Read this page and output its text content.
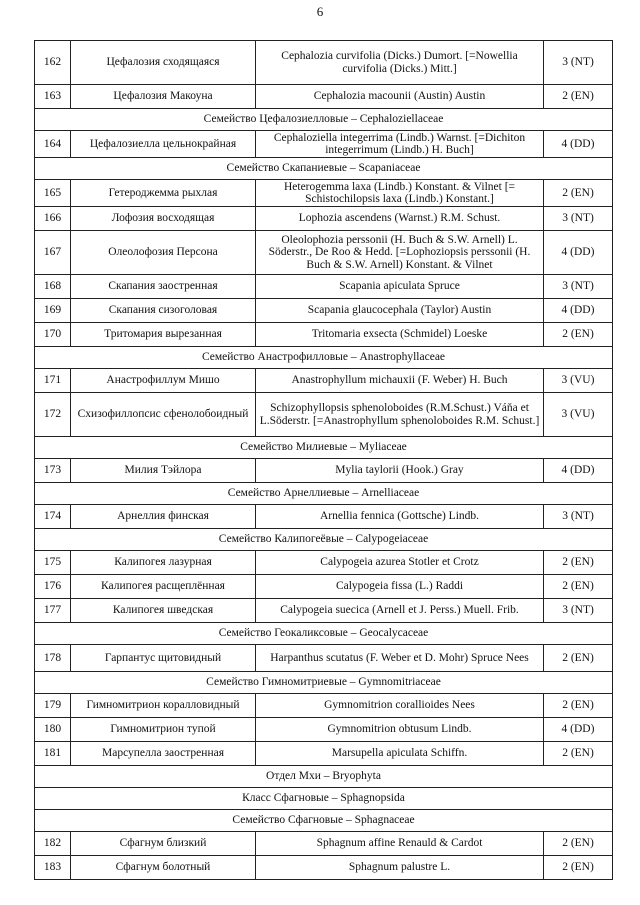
6
162	Цефалозия сходящаяся	Cephalozia curvifolia (Dicks.) Dumort. [=Nowellia curvifolia (Dicks.) Mitt.]	3 (NT)
163	Цефалозия Макоуна	Cephalozia macounii (Austin) Austin	2 (EN)
Семейство Цефалозиелловые – Cephaloziellaceae			
164	Цефалозиелла цельнокрайная	Cephaloziella integerrima (Lindb.) Warnst. [=Dichiton integerrimum (Lindb.) H. Buch]	4 (DD)
Семейство Скапаниевые – Scapaniaceae			
165	Гетероджемма рыхлая	Heterogemma laxa (Lindb.) Konstant. & Vilnet [= Schistochilopsis laxa (Lindb.) Konstant.]	2 (EN)
166	Лофозия восходящая	Lophozia ascendens (Warnst.) R.M. Schust.	3 (NT)
167	Олеолофозия Персона	Oleolophozia perssonii (H. Buch & S.W. Arnell) L. Söderstr., De Roo & Hedd. [=Lophoziopsis perssonii (H. Buch & S.W. Arnell) Konstant. & Vilnet	4 (DD)
168	Скапания заостренная	Scapania apiculata Spruce	3 (NT)
169	Скапания сизоголовая	Scapania glaucocephala (Taylor) Austin	4 (DD)
170	Тритомария вырезанная	Tritomaria exsecta (Schmidel) Loeske	2 (EN)
Семейство Анастрофилловые – Anastrophyllaceae			
171	Анастрофиллум Мишо	Anastrophyllum michauxii (F. Weber) H. Buch	3 (VU)
172	Схизофиллопсис сфенолобоидный	Schizophyllopsis sphenoloboides (R.M.Schust.) Váňa et L.Söderstr. [=Anastrophyllum sphenoloboides R.M. Schust.]	3 (VU)
Семейство Милиевые – Myliaceae			
173	Милия Тэйлора	Mylia taylorii (Hook.) Gray	4 (DD)
Семейство Арнеллиевые – Arnelliaceae			
174	Арнеллия финская	Arnellia fennica (Gottsche) Lindb.	3 (NT)
Семейство Калипогеёвые – Calypogeiaceae			
175	Калипогея лазурная	Calypogeia azurea Stotler et Crotz	2 (EN)
176	Калипогея расщеплённая	Calypogeia fissa (L.) Raddi	2 (EN)
177	Калипогея шведская	Calypogeia suecica (Arnell et J. Perss.) Muell. Frib.	3 (NT)
Семейство Геокаликсовые – Geocalycaceae			
178	Гарпантус щитовидный	Harpanthus scutatus (F. Weber et D. Mohr) Spruce Nees	2 (EN)
Семейство Гимномитриевые – Gymnomitriaceae			
179	Гимномитрион коралловидный	Gymnomitrion corallioides Nees	2 (EN)
180	Гимномитрион тупой	Gymnomitrion obtusum Lindb.	4 (DD)
181	Марсупелла заостренная	Marsupella apiculata Schiffn.	2 (EN)
Отдел Мхи – Bryophyta			
Класс Сфагновые – Sphagnopsida			
Семейство Сфагновые – Sphagnaceae			
182	Сфагнум близкий	Sphagnum affine Renauld & Cardot	2 (EN)
183	Сфагнум болотный	Sphagnum palustre L.	2 (EN)
